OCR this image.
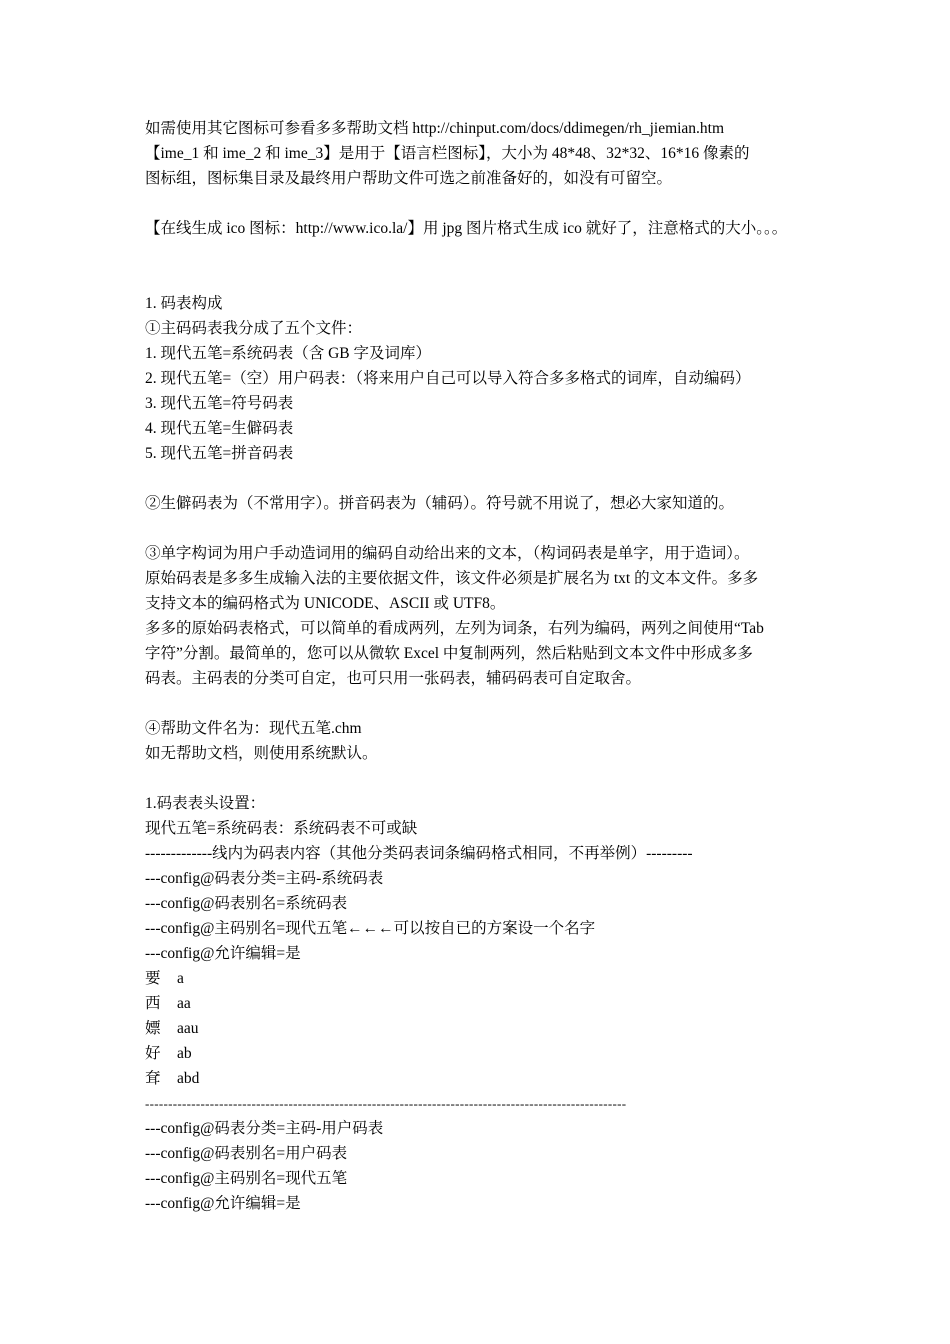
如需使用其它图标可参看多多帮助文档 http://chinput.com/docs/ddimegen/rh_jiemian.htm
【ime_1 和 ime_2 和 ime_3】是用于【语言栏图标】，大小为 48*48、32*32、16*16 像素的
图标组，图标集目录及最终用户帮助文件可选之前准备好的，如没有可留空。
【在线生成 ico 图标：http://www.ico.la/】用 jpg 图片格式生成 ico 就好了，注意格式的大小。。。
1. 码表构成
①主码码表我分成了五个文件：
1. 现代五笔=系统码表（含 GB 字及词库）
2. 现代五笔=（空）用户码表：（将来用户自己可以导入符合多多格式的词库，自动编码）
3. 现代五笔=符号码表
4. 现代五笔=生僻码表
5. 现代五笔=拼音码表
②生僻码表为（不常用字）。拼音码表为（辅码）。符号就不用说了，想必大家知道的。
③单字构词为用户手动造词用的编码自动给出来的文本，（构词码表是单字，用于造词）。
原始码表是多多生成输入法的主要依据文件，该文件必须是扩展名为 txt 的文本文件。多多
支持文本的编码格式为 UNICODE、ASCII 或 UTF8。
多多的原始码表格式，可以简单的看成两列，左列为词条，右列为编码，两列之间使用“Tab
字符”分割。最简单的，您可以从微软 Excel 中复制两列，然后粘贴到文本文件中形成多多
码表。主码表的分类可自定，也可只用一张码表，辅码码表可自定取舍。
④帮助文件名为：现代五笔.chm
如无帮助文档，则使用系统默认。
1.码表表头设置：
现代五笔=系统码表：系统码表不可或缺
-------------线内为码表内容（其他分类码表词条编码格式相同，不再举例）---------
---config@码表分类=主码-系统码表
---config@码表别名=系统码表
---config@主码别名=现代五笔←←←可以按自已的方案设一个名字
---config@允许编辑=是
要 a
西 aa
嫖 aau
好 ab
耷 abd
--------------------------------------------------------------------------------------------------------
---config@码表分类=主码-用户码表
---config@码表别名=用户码表
---config@主码别名=现代五笔
---config@允许编辑=是
